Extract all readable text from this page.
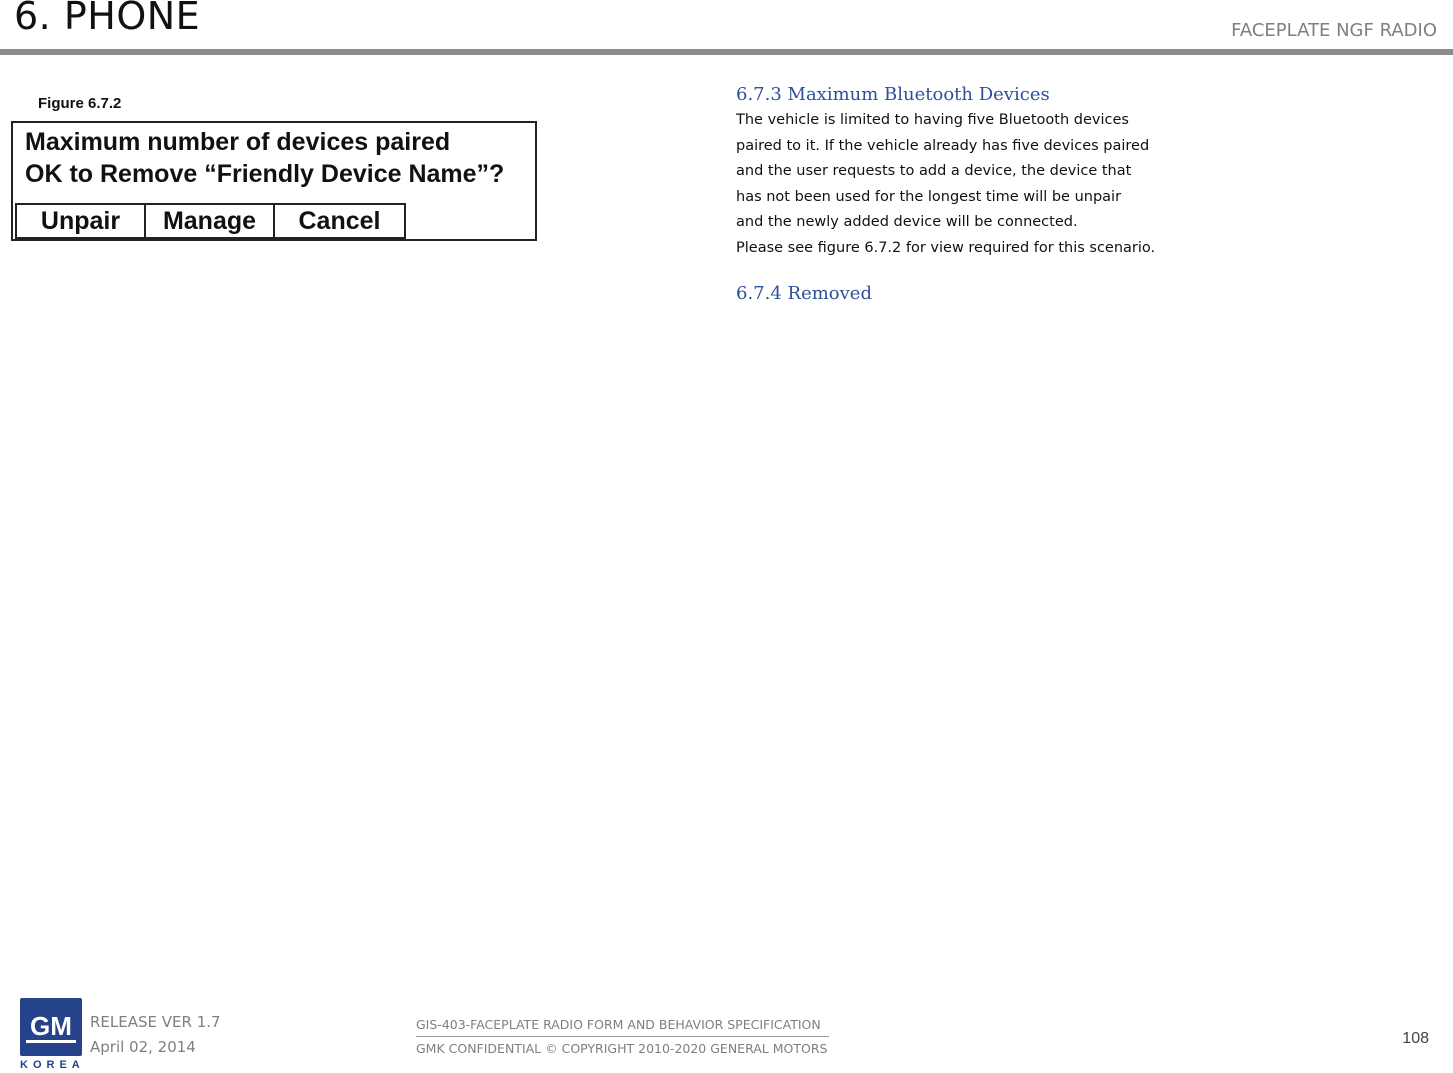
6. PHONE	FACEPLATE NGF RADIO
Figure 6.7.2
Maximum number of devices paired
OK to Remove “Friendly Device Name”?
Unpair	Manage	Cancel
6.7.3 Maximum Bluetooth Devices
The vehicle is limited to having five Bluetooth devices
paired to it. If the vehicle already has five devices paired
and the user requests to add a device, the device that
has not been used for the longest time will be unpair
and the newly added device will be connected.
Please see figure 6.7.2 for view required for this scenario.
6.7.4 Removed
GM
KOREA
RELEASE VER 1.7
April 02, 2014
GIS-403-FACEPLATE RADIO FORM AND BEHAVIOR SPECIFICATION
GMK CONFIDENTIAL © COPYRIGHT 2010-2020 GENERAL MOTORS
108
